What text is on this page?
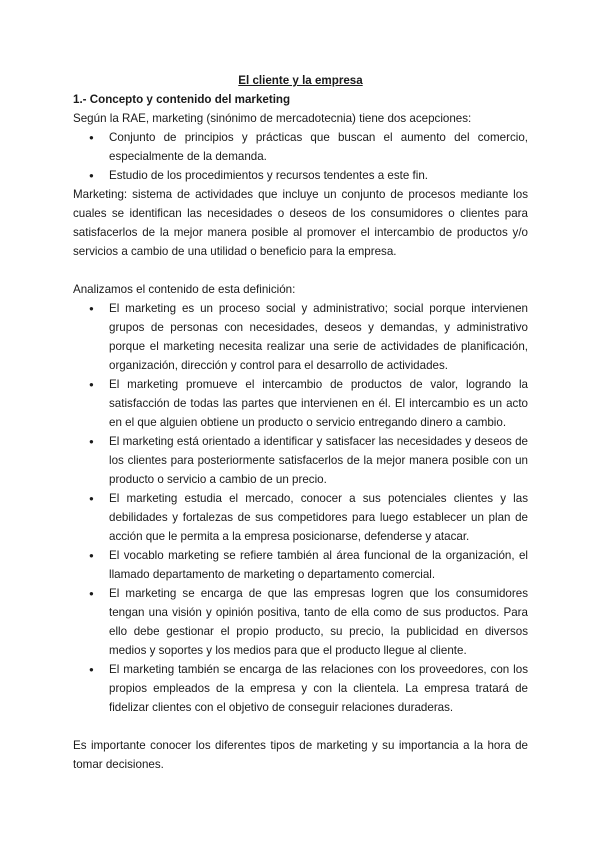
El cliente y la empresa
1.- Concepto y contenido del marketing

Según la RAE, marketing (sinónimo de mercadotecnia) tiene dos acepciones:

● Conjunto de principios y prácticas que buscan el aumento del comercio, especialmente de la demanda.
● Estudio de los procedimientos y recursos tendentes a este fin.

Marketing: sistema de actividades que incluye un conjunto de procesos mediante los cuales se identifican las necesidades o deseos de los consumidores o clientes para satisfacerlos de la mejor manera posible al promover el intercambio de productos y/o servicios a cambio de una utilidad o beneficio para la empresa.

Analizamos el contenido de esta definición:

● El marketing es un proceso social y administrativo; social porque intervienen grupos de personas con necesidades, deseos y demandas, y administrativo porque el marketing necesita realizar una serie de actividades de planificación, organización, dirección y control para el desarrollo de actividades.
● El marketing promueve el intercambio de productos de valor, logrando la satisfacción de todas las partes que intervienen en él. El intercambio es un acto en el que alguien obtiene un producto o servicio entregando dinero a cambio.
● El marketing está orientado a identificar y satisfacer las necesidades y deseos de los clientes para posteriormente satisfacerlos de la mejor manera posible con un producto o servicio a cambio de un precio.
● El marketing estudia el mercado, conocer a sus potenciales clientes y las debilidades y fortalezas de sus competidores para luego establecer un plan de acción que le permita a la empresa posicionarse, defenderse y atacar.
● El vocablo marketing se refiere también al área funcional de la organización, el llamado departamento de marketing o departamento comercial.
● El marketing se encarga de que las empresas logren que los consumidores tengan una visión y opinión positiva, tanto de ella como de sus productos. Para ello debe gestionar el propio producto, su precio, la publicidad en diversos medios y soportes y los medios para que el producto llegue al cliente.
● El marketing también se encarga de las relaciones con los proveedores, con los propios empleados de la empresa y con la clientela. La empresa tratará de fidelizar clientes con el objetivo de conseguir relaciones duraderas.

Es importante conocer los diferentes tipos de marketing y su importancia a la hora de tomar decisiones.
